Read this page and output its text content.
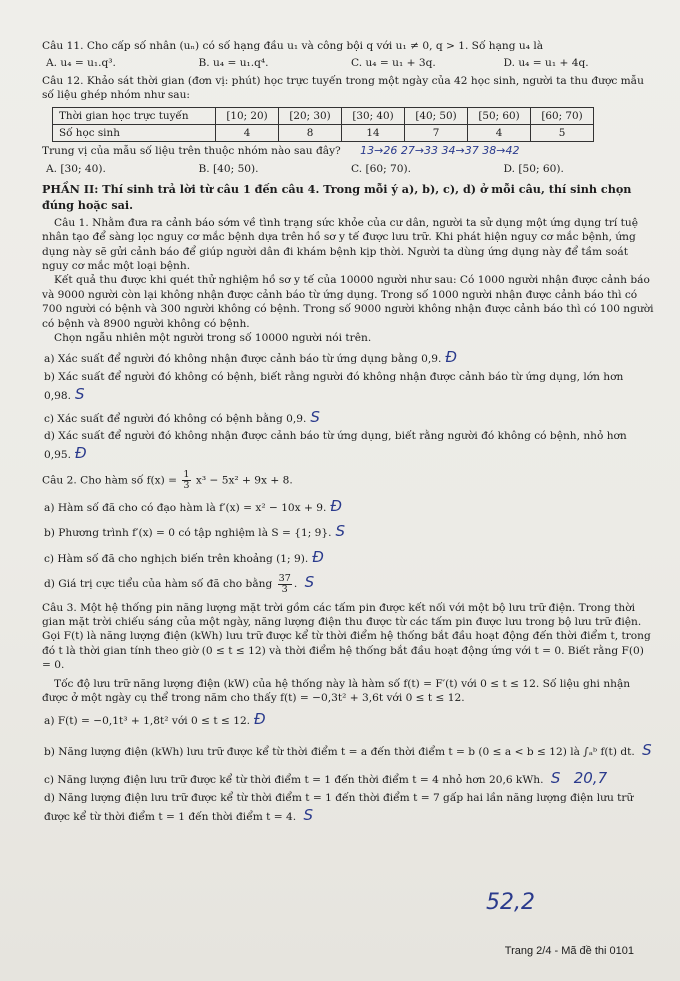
Câu 11. Cho cấp số nhân (uₙ) có số hạng đầu u₁ và công bội q với u₁ ≠ 0, q > 1. Số hạng u₄ là

A. u₄ = u₁.q³.	B. u₄ = u₁.q⁴.	C. u₄ = u₁ + 3q.	D. u₄ = u₁ + 4q.

Câu 12. Khảo sát thời gian (đơn vị: phút) học trực tuyến trong một ngày của 42 học sinh, người ta thu được mẫu số liệu ghép nhóm như sau:

Thời gian học trực tuyến	[10; 20)	[20; 30)	[30; 40)	[40; 50)	[50; 60)	[60; 70)
Số học sinh	4	8	14	7	4	5

Trung vị của mẫu số liệu trên thuộc nhóm nào sau đây? 13→26 27→33 34→37 38→42

A. [30; 40).	B. [40; 50).	C. [60; 70).	D. [50; 60).

PHẦN II: Thí sinh trả lời từ câu 1 đến câu 4. Trong mỗi ý a), b), c), d) ở mỗi câu, thí sinh chọn đúng hoặc sai.

Câu 1. Nhằm đưa ra cảnh báo sớm về tình trạng sức khỏe của cư dân, người ta sử dụng một ứng dụng trí tuệ nhân tạo để sàng lọc nguy cơ mắc bệnh dựa trên hồ sơ y tế được lưu trữ. Khi phát hiện nguy cơ mắc bệnh, ứng dụng này sẽ gửi cảnh báo để giúp người dân đi khám bệnh kịp thời. Người ta dùng ứng dụng này để tầm soát nguy cơ mắc một loại bệnh.

Kết quả thu được khi quét thử nghiệm hồ sơ y tế của 10000 người như sau: Có 1000 người nhận được cảnh báo và 9000 người còn lại không nhận được cảnh báo từ ứng dụng. Trong số 1000 người nhận được cảnh báo thì có 700 người có bệnh và 300 người không có bệnh. Trong số 9000 người không nhận được cảnh báo thì có 100 người có bệnh và 8900 người không có bệnh.

Chọn ngẫu nhiên một người trong số 10000 người nói trên.

a) Xác suất để người đó không nhận được cảnh báo từ ứng dụng bằng 0,9. Đ

b) Xác suất để người đó không có bệnh, biết rằng người đó không nhận được cảnh báo từ ứng dụng, lớn hơn 0,98. S

c) Xác suất để người đó không có bệnh bằng 0,9. S

d) Xác suất để người đó không nhận được cảnh báo từ ứng dụng, biết rằng người đó không có bệnh, nhỏ hơn 0,95. Đ

Câu 2. Cho hàm số $f(x) = \frac{1}{3} x^3 - 5x^2 + 9x + 8$.

a) Hàm số đã cho có đạo hàm là f′(x) = x² − 10x + 9. Đ

b) Phương trình f′(x) = 0 có tập nghiệm là S = {1; 9}. S

c) Hàm số đã cho nghịch biến trên khoảng (1; 9). Đ

d) Giá trị cực tiểu của hàm số đã cho bằng $\frac{37}{3}$ . S

Câu 3. Một hệ thống pin năng lượng mặt trời gồm các tấm pin được kết nối với một bộ lưu trữ điện. Trong thời gian mặt trời chiếu sáng của một ngày, năng lượng điện thu được từ các tấm pin được lưu trong bộ lưu trữ điện. Gọi F(t) là năng lượng điện (kWh) lưu trữ được kể từ thời điểm hệ thống bắt đầu hoạt động đến thời điểm t, trong đó t là thời gian tính theo giờ (0 ≤ t ≤ 12) và thời điểm hệ thống bắt đầu hoạt động ứng với t = 0. Biết rằng F(0) = 0.

Tốc độ lưu trữ năng lượng điện (kW) của hệ thống này là hàm số f(t) = F′(t) với 0 ≤ t ≤ 12. Số liệu ghi nhận được ở một ngày cụ thể trong năm cho thấy f(t) = −0,3t² + 3,6t với 0 ≤ t ≤ 12.

a) F(t) = −0,1t³ + 1,8t² với 0 ≤ t ≤ 12. Đ

b) Năng lượng điện (kWh) lưu trữ được kể từ thời điểm t = a đến thời điểm t = b (0 ≤ a < b ≤ 12) là ∫ₐᵇ f(t) dt. S

c) Năng lượng điện lưu trữ được kể từ thời điểm t = 1 đến thời điểm t = 4 nhỏ hơn 20,6 kWh. S 20,7

d) Năng lượng điện lưu trữ được kể từ thời điểm t = 1 đến thời điểm t = 7 gấp hai lần năng lượng điện lưu trữ được kể từ thời điểm t = 1 đến thời điểm t = 4. S

52,2
Trang 2/4 - Mã đề thi 0101
